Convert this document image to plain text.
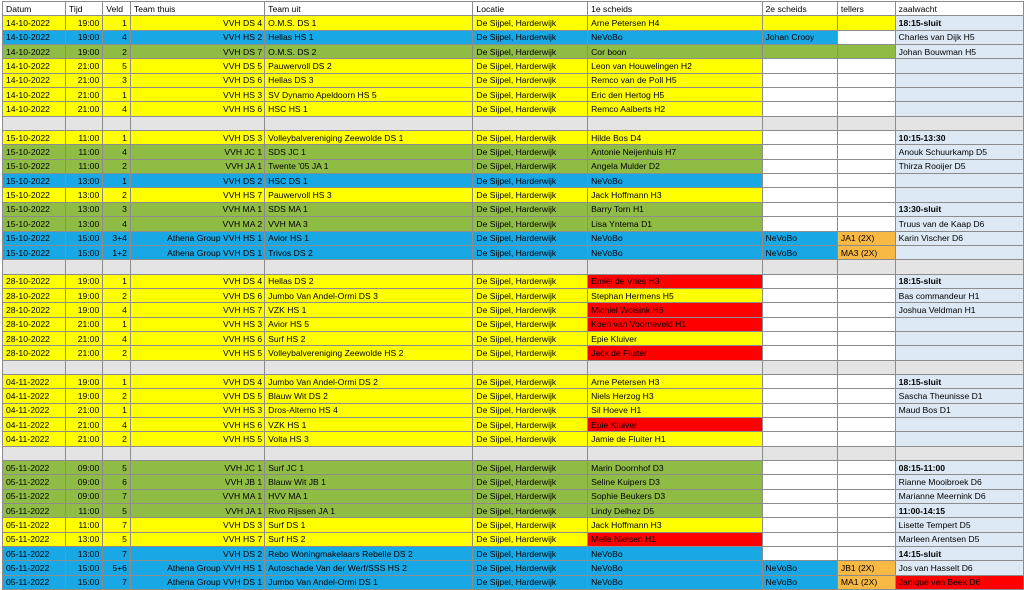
Datum	Tijd	Veld	Team thuis	Team uit	Locatie	1e scheids	2e scheids	tellers	zaalwacht
14-10-2022	19:00	1	VVH DS 4	O.M.S. DS 1	De Sijpel, Harderwijk	Arne Petersen H4			18:15-sluit
14-10-2022	19:00	4	VVH HS 2	Hellas HS 1	De Sijpel, Harderwijk	NeVoBo	Johan Crooy		Charles van Dijk H5
14-10-2022	19:00	2	VVH DS 7	O.M.S. DS 2	De Sijpel, Harderwijk	Cor boon			Johan Bouwman H5
14-10-2022	21:00	5	VVH DS 5	Pauwervoll DS 2	De Sijpel, Harderwijk	Leon van Houwelingen H2			
14-10-2022	21:00	3	VVH DS 6	Hellas DS 3	De Sijpel, Harderwijk	Remco van de Poll H5			
14-10-2022	21:00	1	VVH HS 3	SV Dynamo Apeldoorn HS 5	De Sijpel, Harderwijk	Eric den Hertog H5			
14-10-2022	21:00	4	VVH HS 6	HSC HS 1	De Sijpel, Harderwijk	Remco Aalberts H2			

15-10-2022	11:00	1	VVH DS 3	Volleybalvereniging Zeewolde DS 1	De Sijpel, Harderwijk	Hilde Bos D4			10:15-13:30
15-10-2022	11:00	4	VVH JC 1	SDS JC 1	De Sijpel, Harderwijk	Antonie Neijenhuis H7			Anouk Schuurkamp D5
15-10-2022	11:00	2	VVH JA 1	Twente '05 JA 1	De Sijpel, Harderwijk	Angela Mulder D2			Thirza Rooijer D5
15-10-2022	13:00	1	VVH DS 2	HSC DS 1	De Sijpel, Harderwijk	NeVoBo			
15-10-2022	13:00	2	VVH HS 7	Pauwervoll HS 3	De Sijpel, Harderwijk	Jack Hoffmann H3			
15-10-2022	13:00	3	VVH MA 1	SDS MA 1	De Sijpel, Harderwijk	Barry Torn H1			13:30-sluit
15-10-2022	13:00	4	VVH MA 2	VVH MA 3	De Sijpel, Harderwijk	Lisa Yntema D1			Truus van de Kaap D6
15-10-2022	15:00	3+4	Athena Group VVH HS 1	Avior HS 1	De Sijpel, Harderwijk	NeVoBo	NeVoBo	JA1 (2X)	Karin Vischer D6
15-10-2022	15:00	1+2	Athena Group VVH DS 1	Trivos DS 2	De Sijpel, Harderwijk	NeVoBo	NeVoBo	MA3 (2X)	

28-10-2022	19:00	1	VVH DS 4	Hellas DS 2	De Sijpel, Harderwijk	Emiel de Vries H3			18:15-sluit
28-10-2022	19:00	2	VVH DS 6	Jumbo Van Andel-Ormi DS 3	De Sijpel, Harderwijk	Stephan Hermens H5			Bas commandeur H1
28-10-2022	19:00	4	VVH HS 7	VZK HS 1	De Sijpel, Harderwijk	Michiel Wolsink H6			Joshua Veldman H1
28-10-2022	21:00	1	VVH HS 3	Avior HS 5	De Sijpel, Harderwijk	Koen van Voorneveld H1			
28-10-2022	21:00	4	VVH HS 6	Surf HS 2	De Sijpel, Harderwijk	Epie Kluiver			
28-10-2022	21:00	2	VVH HS 5	Volleybalvereniging Zeewolde HS 2	De Sijpel, Harderwijk	Jack de Fluiter			

04-11-2022	19:00	1	VVH DS 4	Jumbo Van Andel-Ormi DS 2	De Sijpel, Harderwijk	Arne Petersen H3			18:15-sluit
04-11-2022	19:00	2	VVH DS 5	Blauw Wit DS 2	De Sijpel, Harderwijk	Niels Herzog H3			Sascha Theunisse D1
04-11-2022	21:00	1	VVH HS 3	Dros-Alterno HS 4	De Sijpel, Harderwijk	Sil Hoeve H1			Maud Bos D1
04-11-2022	21:00	4	VVH HS 6	VZK HS 1	De Sijpel, Harderwijk	Epie Kluiver			
04-11-2022	21:00	2	VVH HS 5	Volta HS 3	De Sijpel, Harderwijk	Jamie de Fluiter H1			

05-11-2022	09:00	5	VVH JC 1	Surf JC 1	De Sijpel, Harderwijk	Marin Doornhof D3			08:15-11:00
05-11-2022	09:00	6	VVH JB 1	Blauw Wit JB 1	De Sijpel, Harderwijk	Seline Kuipers D3			Rianne Mooibroek D6
05-11-2022	09:00	7	VVH MA 1	HVV MA 1	De Sijpel, Harderwijk	Sophie Beukers D3			Marianne Meernink D6
05-11-2022	11:00	5	VVH JA 1	Rivo Rijssen JA 1	De Sijpel, Harderwijk	Lindy Delhez D5			11:00-14:15
05-11-2022	11:00	7	VVH DS 3	Surf DS 1	De Sijpel, Harderwijk	Jack Hoffmann H3			Lisette Tempert D5
05-11-2022	13:00	5	VVH HS 7	Surf HS 2	De Sijpel, Harderwijk	Melle Nielsen H1			Marleen Arentsen D5
05-11-2022	13:00	7	VVH DS 2	Rebo Woningmakelaars Rebelle DS 2	De Sijpel, Harderwijk	NeVoBo			14:15-sluit
05-11-2022	15:00	5+6	Athena Group VVH HS 1	Autoschade Van der Werf/SSS HS 2	De Sijpel, Harderwijk	NeVoBo	NeVoBo	JB1 (2X)	Jos van Hasselt D6
05-11-2022	15:00	7	Athena Group VVH DS 1	Jumbo Van Andel-Ormi DS 1	De Sijpel, Harderwijk	NeVoBo	NeVoBo	MA1 (2X)	Janique van Beek D6
